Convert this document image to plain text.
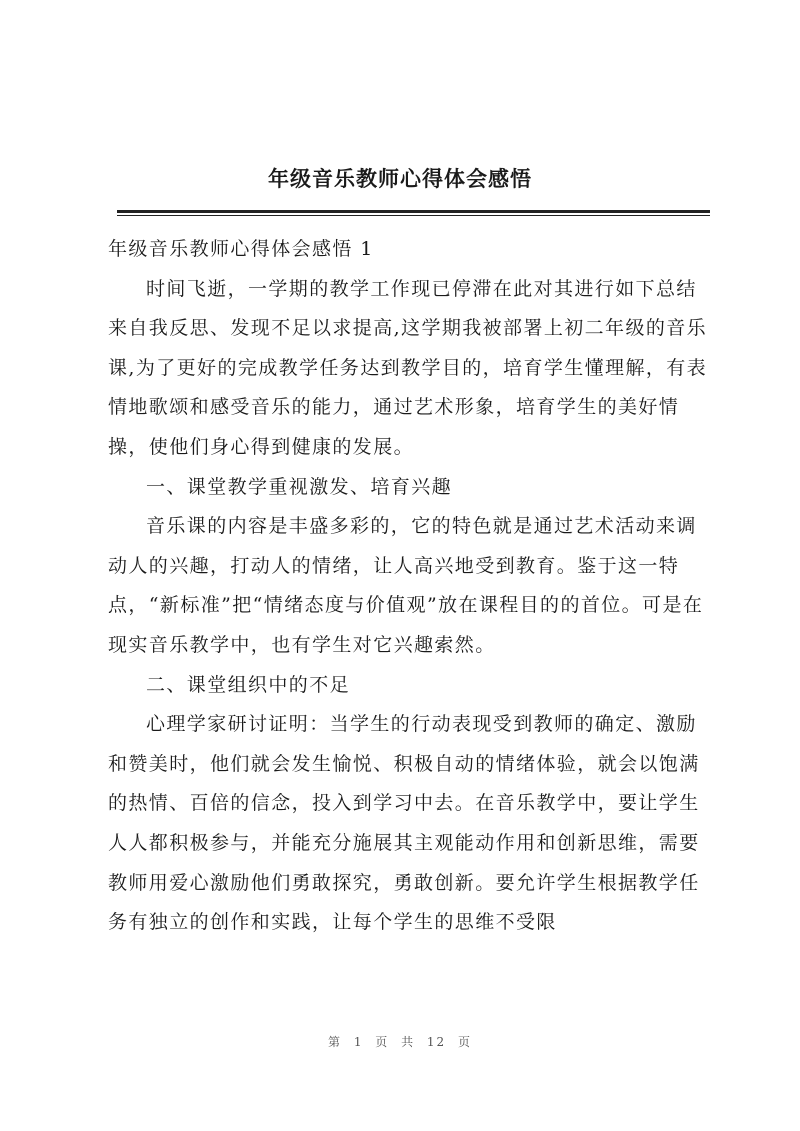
年级音乐教师心得体会感悟

年级音乐教师心得体会感悟 1

时间飞逝，一学期的教学工作现已停滞在此对其进行如下总结来自我反思、发现不足以求提高,这学期我被部署上初二年级的音乐课,为了更好的完成教学任务达到教学目的，培育学生懂理解，有表情地歌颂和感受音乐的能力，通过艺术形象，培育学生的美好情操，使他们身心得到健康的发展。

一、课堂教学重视激发、培育兴趣

音乐课的内容是丰盛多彩的，它的特色就是通过艺术活动来调动人的兴趣，打动人的情绪，让人高兴地受到教育。鉴于这一特点，“新标准”把“情绪态度与价值观”放在课程目的的首位。可是在现实音乐教学中，也有学生对它兴趣索然。

二、课堂组织中的不足

心理学家研讨证明：当学生的行动表现受到教师的确定、激励和赞美时，他们就会发生愉悦、积极自动的情绪体验，就会以饱满的热情、百倍的信念，投入到学习中去。在音乐教学中，要让学生人人都积极参与，并能充分施展其主观能动作用和创新思维，需要教师用爱心激励他们勇敢探究，勇敢创新。要允许学生根据教学任务有独立的创作和实践，让每个学生的思维不受限

第 1 页 共 12 页
